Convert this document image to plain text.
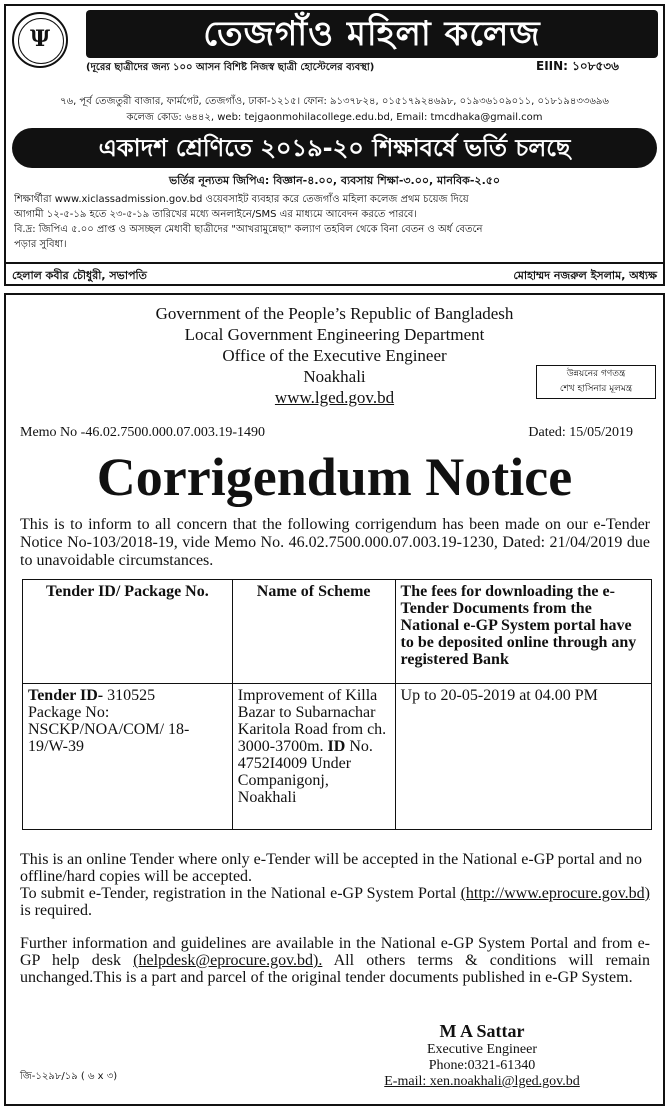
Ψ
তেজগাঁও মহিলা কলেজ
(দূরের ছাত্রীদের জন্য ১০০ আসন বিশিষ্ট নিজস্ব ছাত্রী হোস্টেলের ব্যবস্থা)	EIIN: ১০৮৫৩৬
৭৬, পূর্ব তেজতুরী বাজার, ফার্মগেট, তেজগাঁও, ঢাকা-১২১৫। ফোন: ৯১৩৭৮২৪, ০১৫১৭৯২৪৬৯৮, ০১৯৩৬১০৯০১১, ০১৮১৯৪৩৩৬৯৬
কলেজ কোড: ৬৪৪২, web: tejgaonmohilacollege.edu.bd, Email: tmcdhaka@gmail.com
একাদশ শ্রেণিতে ২০১৯-২০ শিক্ষাবর্ষে ভর্তি চলছে
ভর্তির নূন্যতম জিপিএ: বিজ্ঞান-৪.০০, ব্যবসায় শিক্ষা-৩.০০, মানবিক-২.৫০

শিক্ষার্থীরা www.xiclassadmission.gov.bd ওয়েবসাইট ব্যবহার করে তেজগাঁও মহিলা কলেজ প্রথম চয়েজ দিয়ে

আগামী ১২-৫-১৯ হতে ২৩-৫-১৯ তারিখের মধ্যে অনলাইনে/SMS এর মাধ্যমে আবেদন করতে পারবে।

বি.দ্র: জিপিএ ৫.০০ প্রাপ্ত ও অসচ্ছল মেধাবী ছাত্রীদের "আখরামুন্নেছা" কল্যাণ তহবিল থেকে বিনা বেতন ও অর্ধ বেতনে

পড়ার সুবিধা।

হেলাল কবীর চৌধুরী, সভাপতি	মোহাম্মদ নজরুল ইসলাম, অধ্যক্ষ
Government of the People’s Republic of Bangladesh
Local Government Engineering Department
Office of the Executive Engineer
Noakhali
www.lged.gov.bd
উন্নয়নের গণতন্ত্র
শেখ হাসিনার মূলমন্ত্র
Memo No -46.02.7500.000.07.003.19-1490	Dated: 15/05/2019
Corrigendum Notice
This is to inform to all concern that the following corrigendum has been made on our e-Tender Notice No-103/2018-19, vide Memo No. 46.02.7500.000.07.003.19-1230, Dated: 21/04/2019 due to unavoidable circumstances.
Tender ID/ Package No.	Name of Scheme	The fees for downloading the e-Tender Documents from the National e-GP System portal have to be deposited online through any registered Bank
Tender ID- 310525
Package No: NSCKP/NOA/COM/ 18- 19/W-39	Improvement of Killa Bazar to Subarnachar Karitola Road from ch. 3000-3700m. ID No. 4752I4009 Under Companigonj, Noakhali	Up to 20-05-2019 at 04.00 PM
This is an online Tender where only e-Tender will be accepted in the National e-GP portal and no offline/hard copies will be accepted.
To submit e-Tender, registration in the National e-GP System Portal (http://www.eprocure.gov.bd) is required.
Further information and guidelines are available in the National e-GP System Portal and from e-GP help desk (helpdesk@eprocure.gov.bd). All others terms & conditions will remain unchanged.This is a part and parcel of the original tender documents published in e-GP System.
M A Sattar
Executive Engineer
Phone:0321-61340
E-mail: xen.noakhali@lged.gov.bd
জি-১২৯৮/১৯ ( ৬ x ৩)
